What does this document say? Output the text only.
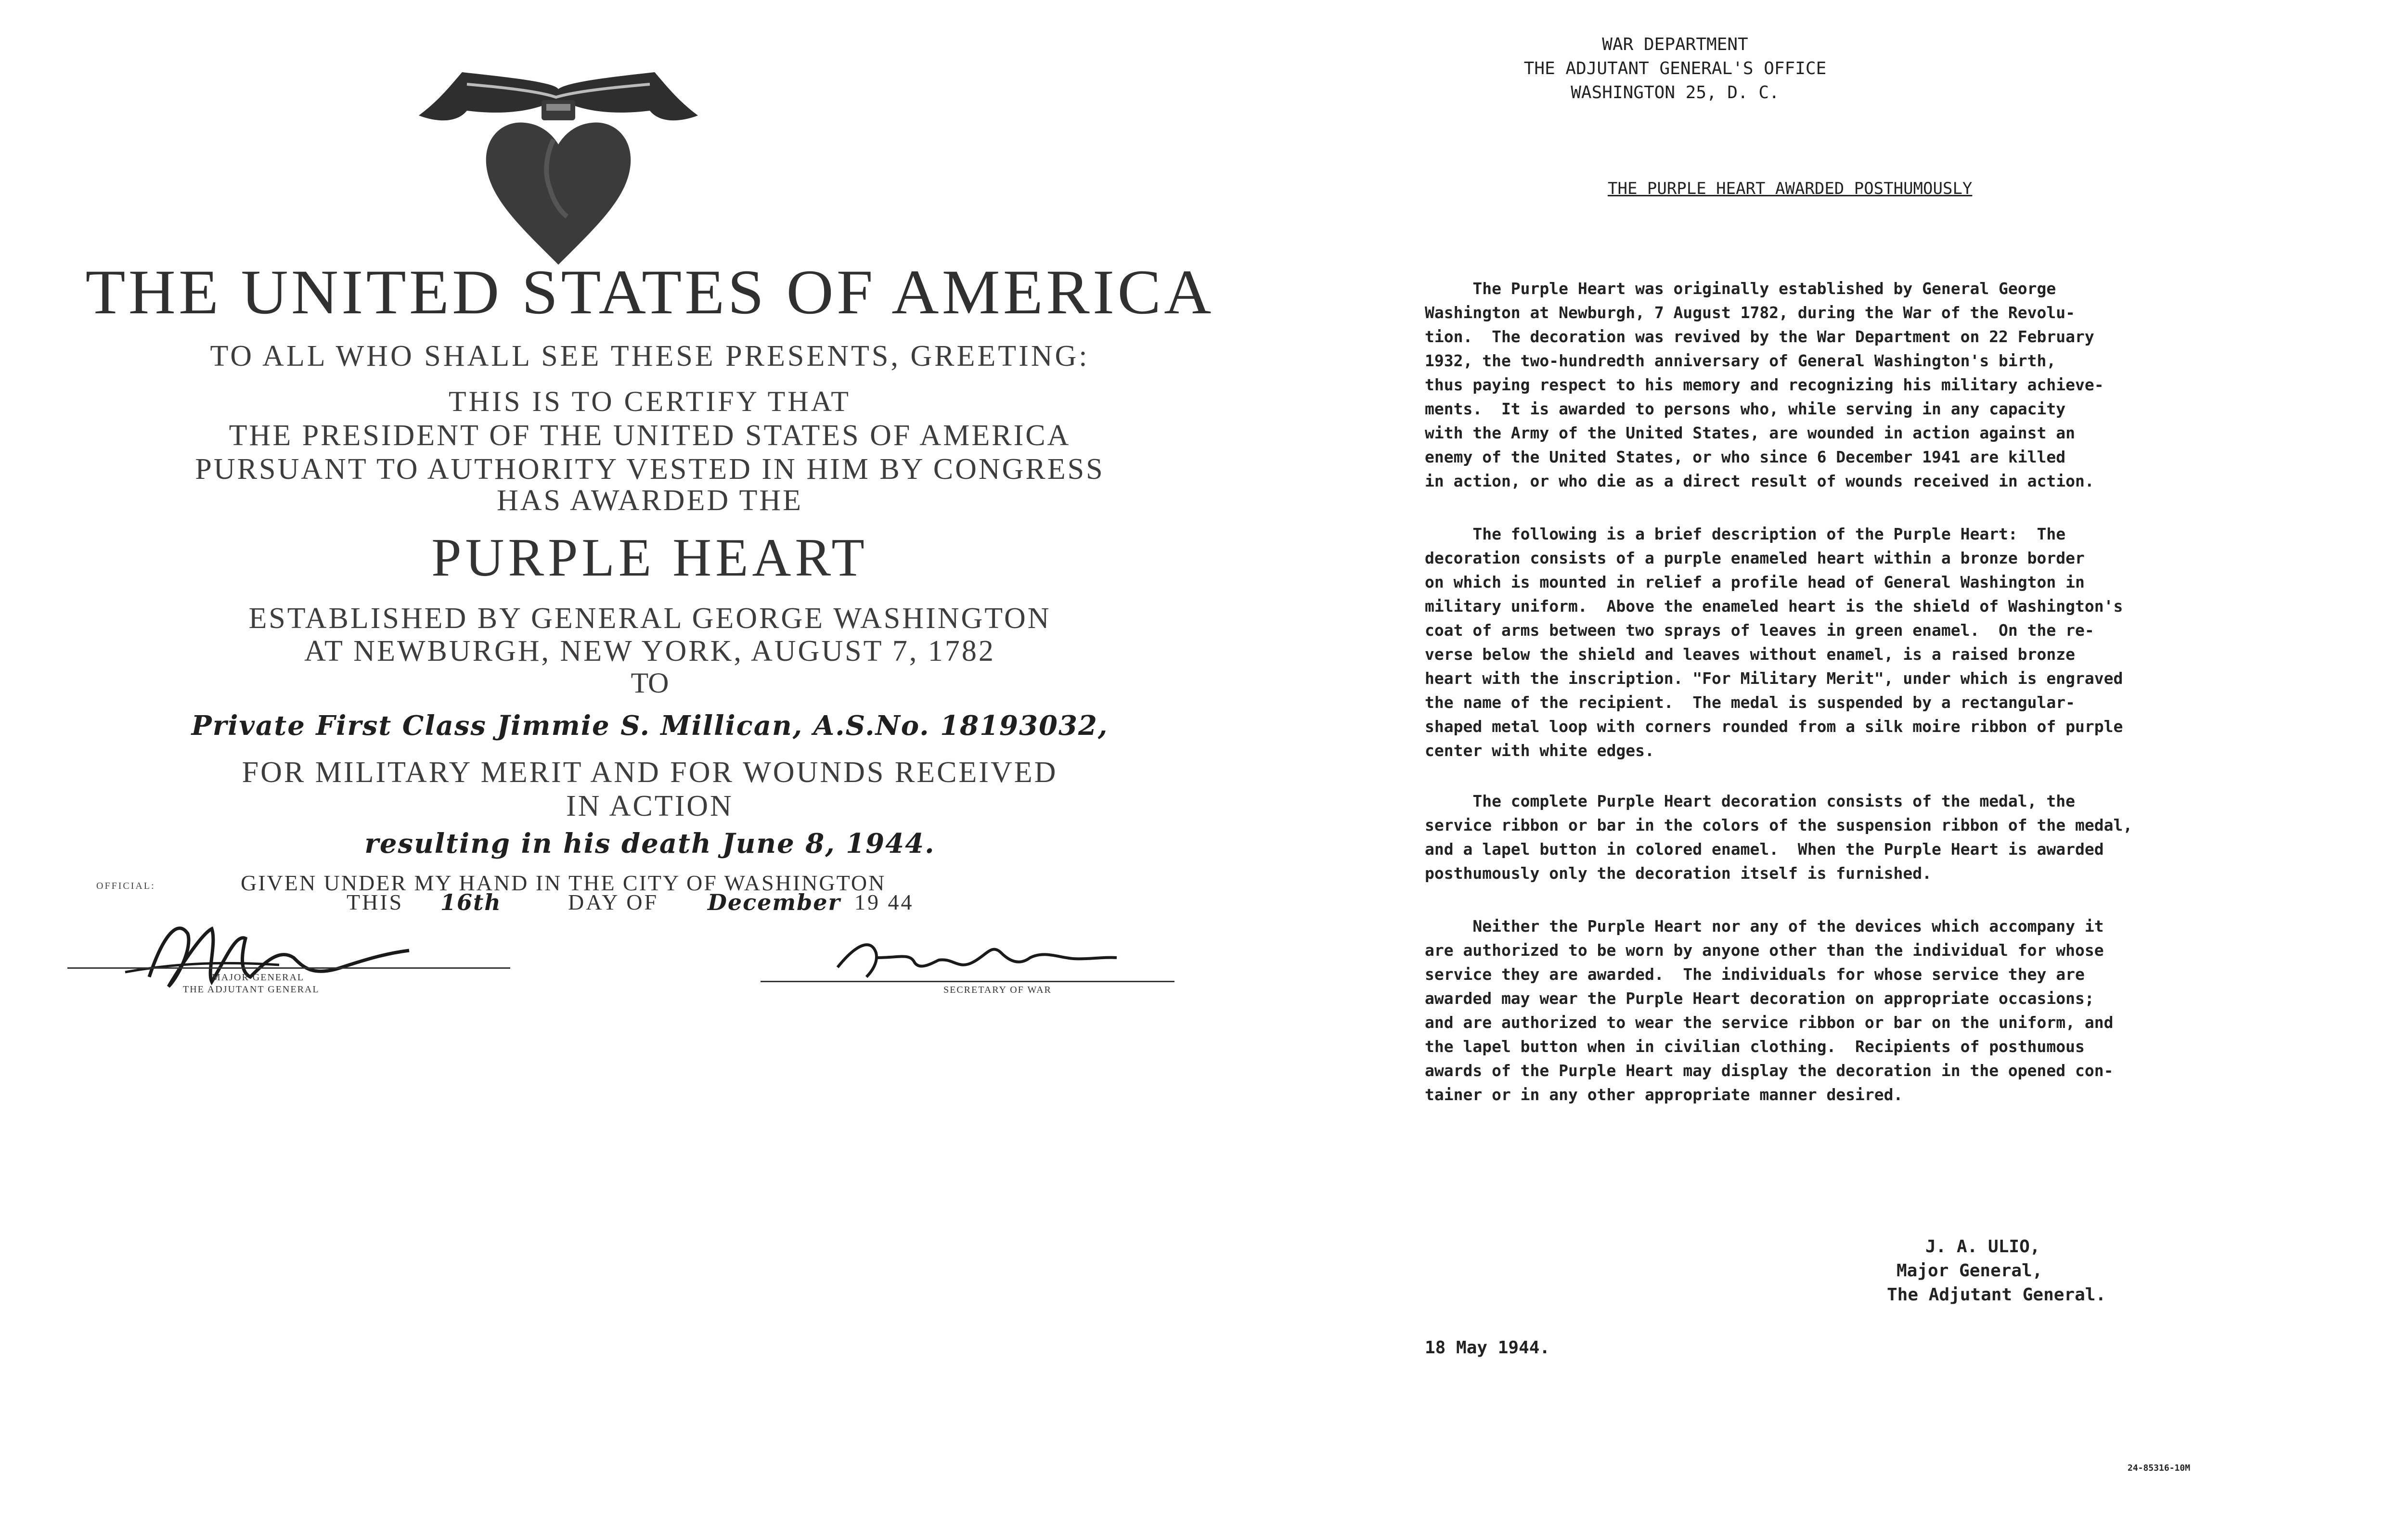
THE UNITED STATES OF AMERICA
TO ALL WHO SHALL SEE THESE PRESENTS, GREETING:
THIS IS TO CERTIFY THAT
THE PRESIDENT OF THE UNITED STATES OF AMERICA
PURSUANT TO AUTHORITY VESTED IN HIM BY CONGRESS
HAS AWARDED THE
PURPLE HEART
ESTABLISHED BY GENERAL GEORGE WASHINGTON
AT NEWBURGH, NEW YORK, AUGUST 7, 1782
TO
Private First Class Jimmie S. Millican, A.S.No. 18193032,
FOR MILITARY MERIT AND FOR WOUNDS RECEIVED
IN ACTION
resulting in his death June 8, 1944.
OFFICIAL:	GIVEN UNDER MY HAND IN THE CITY OF WASHINGTON
THIS 16th	DAY OF December 19 44
MAJOR GENERAL
THE ADJUTANT GENERAL	SECRETARY OF WAR
WAR DEPARTMENT
THE ADJUTANT GENERAL'S OFFICE
WASHINGTON 25, D. C.
THE PURPLE HEART AWARDED POSTHUMOUSLY
The Purple Heart was originally established by General George
Washington at Newburgh, 7 August 1782, during the War of the Revolu-
tion.  The decoration was revived by the War Department on 22 February
1932, the two-hundredth anniversary of General Washington's birth,
thus paying respect to his memory and recognizing his military achieve-
ments.  It is awarded to persons who, while serving in any capacity
with the Army of the United States, are wounded in action against an
enemy of the United States, or who since 6 December 1941 are killed
in action, or who die as a direct result of wounds received in action.
The following is a brief description of the Purple Heart:  The
decoration consists of a purple enameled heart within a bronze border
on which is mounted in relief a profile head of General Washington in
military uniform.  Above the enameled heart is the shield of Washington's
coat of arms between two sprays of leaves in green enamel.  On the re-
verse below the shield and leaves without enamel, is a raised bronze
heart with the inscription. "For Military Merit", under which is engraved
the name of the recipient.  The medal is suspended by a rectangular-
shaped metal loop with corners rounded from a silk moire ribbon of purple
center with white edges.
The complete Purple Heart decoration consists of the medal, the
service ribbon or bar in the colors of the suspension ribbon of the medal,
and a lapel button in colored enamel.  When the Purple Heart is awarded
posthumously only the decoration itself is furnished.
Neither the Purple Heart nor any of the devices which accompany it
are authorized to be worn by anyone other than the individual for whose
service they are awarded.  The individuals for whose service they are
awarded may wear the Purple Heart decoration on appropriate occasions;
and are authorized to wear the service ribbon or bar on the uniform, and
the lapel button when in civilian clothing.  Recipients of posthumous
awards of the Purple Heart may display the decoration in the opened con-
tainer or in any other appropriate manner desired.
J. A. ULIO,
Major General,
The Adjutant General.
18 May 1944.
24-85316-10M
